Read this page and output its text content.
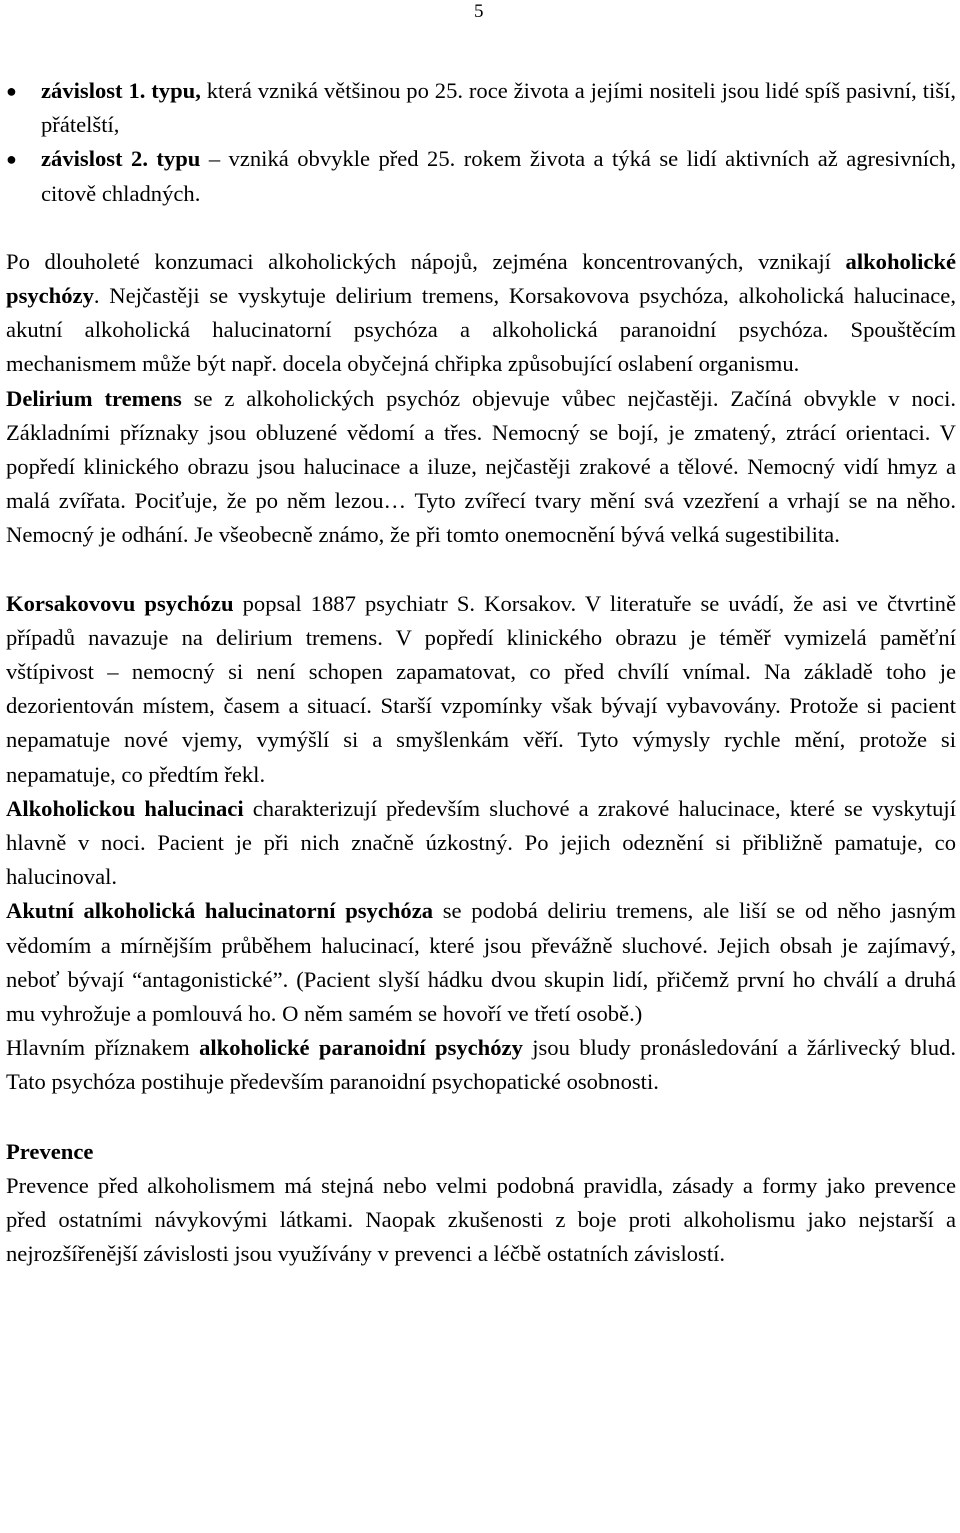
5
● závislost 1. typu, která vzniká většinou po 25. roce života a jejími nositeli jsou lidé spíš pasivní, tiší, přátelští,
● závislost 2. typu – vzniká obvykle před 25. rokem života a týká se lidí aktivních až agresivních, citově chladných.

Po dlouholeté konzumaci alkoholických nápojů, zejména koncentrovaných, vznikají alkoholické psychózy. Nejčastěji se vyskytuje delirium tremens, Korsakovova psychóza, alkoholická halucinace, akutní alkoholická halucinatorní psychóza a alkoholická paranoidní psychóza. Spouštěcím mechanismem může být např. docela obyčejná chřipka způsobující oslabení organismu.

Delirium tremens se z alkoholických psychóz objevuje vůbec nejčastěji. Začíná obvykle v noci. Základními příznaky jsou obluzené vědomí a třes. Nemocný se bojí, je zmatený, ztrácí orientaci. V popředí klinického obrazu jsou halucinace a iluze, nejčastěji zrakové a tělové. Nemocný vidí hmyz a malá zvířata. Pociťuje, že po něm lezou… Tyto zvířecí tvary mění svá vzezření a vrhají se na něho. Nemocný je odhání. Je všeobecně známo, že při tomto onemocnění bývá velká sugestibilita.

Korsakovovu psychózu popsal 1887 psychiatr S. Korsakov. V literatuře se uvádí, že asi ve čtvrtině případů navazuje na delirium tremens. V popředí klinického obrazu je téměř vymizelá paměťní vštípivost – nemocný si není schopen zapamatovat, co před chvílí vnímal. Na základě toho je dezorientován místem, časem a situací. Starší vzpomínky však bývají vybavovány. Protože si pacient nepamatuje nové vjemy, vymýšlí si a smyšlenkám věří. Tyto výmysly rychle mění, protože si nepamatuje, co předtím řekl.

Alkoholickou halucinaci charakterizují především sluchové a zrakové halucinace, které se vyskytují hlavně v noci. Pacient je při nich značně úzkostný. Po jejich odeznění si přibližně pamatuje, co halucinoval.

Akutní alkoholická halucinatorní psychóza se podobá deliriu tremens, ale liší se od něho jasným vědomím a mírnějším průběhem halucinací, které jsou převážně sluchové. Jejich obsah je zajímavý, neboť bývají “antagonistické”. (Pacient slyší hádku dvou skupin lidí, přičemž první ho chválí a druhá mu vyhrožuje a pomlouvá ho. O něm samém se hovoří ve třetí osobě.)

Hlavním příznakem alkoholické paranoidní psychózy jsou bludy pronásledování a žárlivecký blud. Tato psychóza postihuje především paranoidní psychopatické osobnosti.

Prevence

Prevence před alkoholismem má stejná nebo velmi podobná pravidla, zásady a formy jako prevence před ostatními návykovými látkami. Naopak zkušenosti z boje proti alkoholismu jako nejstarší a nejrozšířenější závislosti jsou využívány v prevenci a léčbě ostatních závislostí.
